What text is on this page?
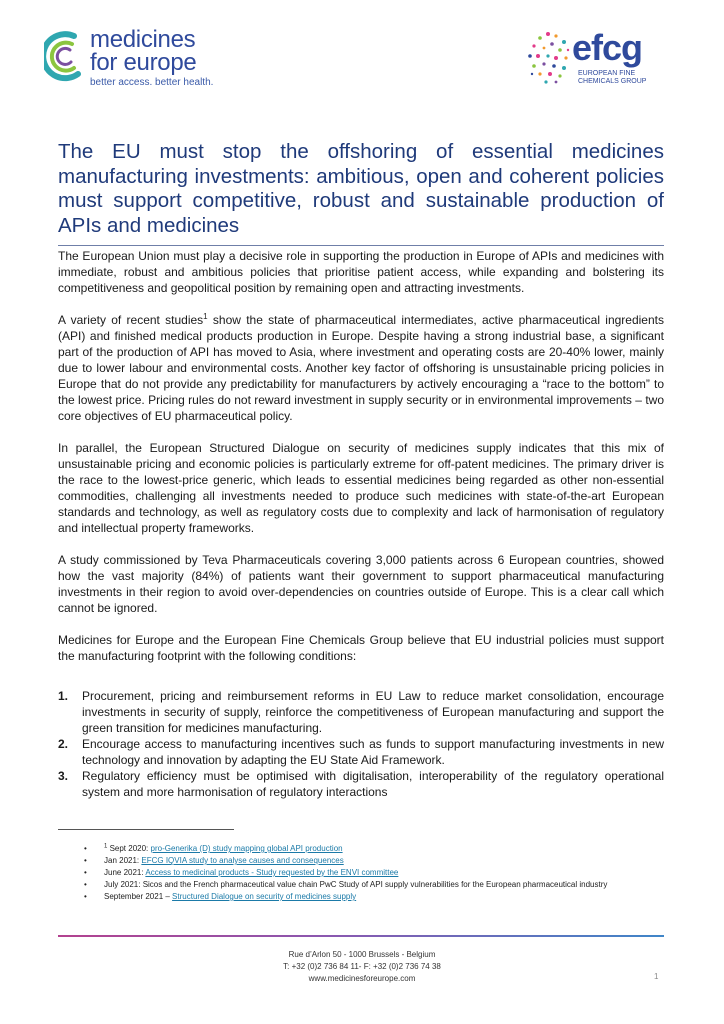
medicines
for europe
better access. better health.
efcg
EUROPEAN FINE
CHEMICALS GROUP
The EU must stop the offshoring of essential medicines manufacturing investments: ambitious, open and coherent policies must support competitive, robust and sustainable production of APIs and medicines

The European Union must play a decisive role in supporting the production in Europe of APIs and medicines with immediate, robust and ambitious policies that prioritise patient access, while expanding and bolstering its competitiveness and geopolitical position by remaining open and attracting investments.

A variety of recent studies$^1$ show the state of pharmaceutical intermediates, active pharmaceutical ingredients (API) and finished medical products production in Europe. Despite having a strong industrial base, a significant part of the production of API has moved to Asia, where investment and operating costs are 20-40% lower, mainly due to lower labour and environmental costs. Another key factor of offshoring is unsustainable pricing policies in Europe that do not provide any predictability for manufacturers by actively encouraging a “race to the bottom” to the lowest price. Pricing rules do not reward investment in supply security or in environmental improvements – two core objectives of EU pharmaceutical policy.

In parallel, the European Structured Dialogue on security of medicines supply indicates that this mix of unsustainable pricing and economic policies is particularly extreme for off-patent medicines. The primary driver is the race to the lowest-price generic, which leads to essential medicines being regarded as other non-essential commodities, challenging all investments needed to produce such medicines with state-of-the-art European standards and technology, as well as regulatory costs due to complexity and lack of harmonisation of regulatory and intellectual property frameworks.

A study commissioned by Teva Pharmaceuticals covering 3,000 patients across 6 European countries, showed how the vast majority (84%) of patients want their government to support pharmaceutical manufacturing investments in their region to avoid over-dependencies on countries outside of Europe. This is a clear call which cannot be ignored.

Medicines for Europe and the European Fine Chemicals Group believe that EU industrial policies must support the manufacturing footprint with the following conditions:

1. Procurement, pricing and reimbursement reforms in EU Law to reduce market consolidation, encourage investments in security of supply, reinforce the competitiveness of European manufacturing and support the green transition for medicines manufacturing.
2. Encourage access to manufacturing incentives such as funds to support manufacturing investments in new technology and innovation by adapting the EU State Aid Framework.
3. Regulatory efficiency must be optimised with digitalisation, interoperability of the regulatory operational system and more harmonisation of regulatory interactions
•	$^1$ Sept 2020: pro-Generika (D) study mapping global API production
• Jan 2021: EFCG IQVIA study to analyse causes and consequences
• June 2021: Access to medicinal products - Study requested by the ENVI committee
• July 2021: Sicos and the French pharmaceutical value chain PwC Study of API supply vulnerabilities for the European pharmaceutical industry
• September 2021 – Structured Dialogue on security of medicines supply
Rue d’Arlon 50 - 1000 Brussels - Belgium
T: +32 (0)2 736 84 11- F: +32 (0)2 736 74 38
www.medicinesforeurope.com	1
